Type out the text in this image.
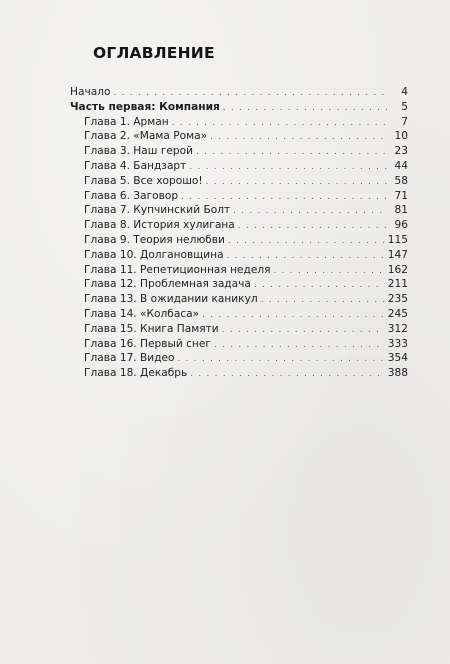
ОГЛАВЛЕНИЕ
Начало . . .	4
Часть первая: Компания . . .	5
Глава 1. Арман . . .	7
Глава 2. «Мама Рома» . . .	10
Глава 3. Наш герой . . .	23
Глава 4. Бандзарт . . .	44
Глава 5. Все хорошо! . . .	58
Глава 6. Заговор . . .	71
Глава 7. Купчинский Болт . . .	81
Глава 8. История хулигана . . .	96
Глава 9. Теория нелюбви . . .	115
Глава 10. Долгановщина . . .	147
Глава 11. Репетиционная неделя . . .	162
Глава 12. Проблемная задача . . .	211
Глава 13. В ожидании каникул . . .	235
Глава 14. «Колбаса» . . .	245
Глава 15. Книга Памяти . . .	312
Глава 16. Первый снег . . .	333
Глава 17. Видео . . .	354
Глава 18. Декабрь . . .	388
